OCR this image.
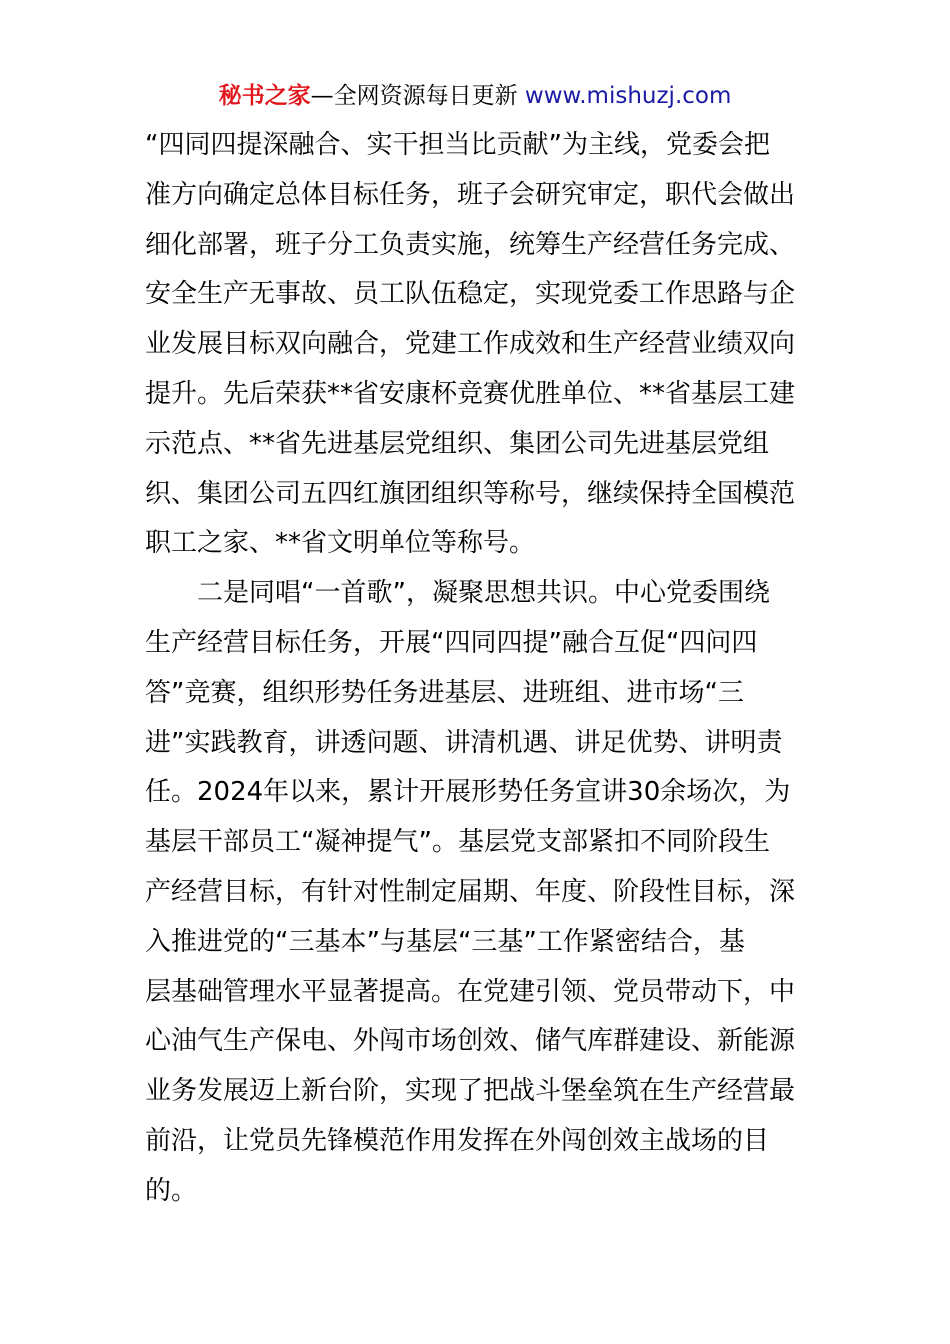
秘书之家—全网资源每日更新 www.mishuzj.com
“四同四提深融合、实干担当比贡献”为主线，党委会把
准方向确定总体目标任务，班子会研究审定，职代会做出
细化部署，班子分工负责实施，统筹生产经营任务完成、
安全生产无事故、员工队伍稳定，实现党委工作思路与企
业发展目标双向融合，党建工作成效和生产经营业绩双向
提升。先后荣获**省安康杯竞赛优胜单位、**省基层工建
示范点、**省先进基层党组织、集团公司先进基层党组
织、集团公司五四红旗团组织等称号，继续保持全国模范
职工之家、**省文明单位等称号。
二是同唱“一首歌”，凝聚思想共识。中心党委围绕
生产经营目标任务，开展“四同四提”融合互促“四问四
答”竞赛，组织形势任务进基层、进班组、进市场“三
进”实践教育，讲透问题、讲清机遇、讲足优势、讲明责
任。2024年以来，累计开展形势任务宣讲30余场次，为
基层干部员工“凝神提气”。基层党支部紧扣不同阶段生
产经营目标，有针对性制定届期、年度、阶段性目标，深
入推进党的“三基本”与基层“三基”工作紧密结合，基
层基础管理水平显著提高。在党建引领、党员带动下，中
心油气生产保电、外闯市场创效、储气库群建设、新能源
业务发展迈上新台阶，实现了把战斗堡垒筑在生产经营最
前沿，让党员先锋模范作用发挥在外闯创效主战场的目
的。
